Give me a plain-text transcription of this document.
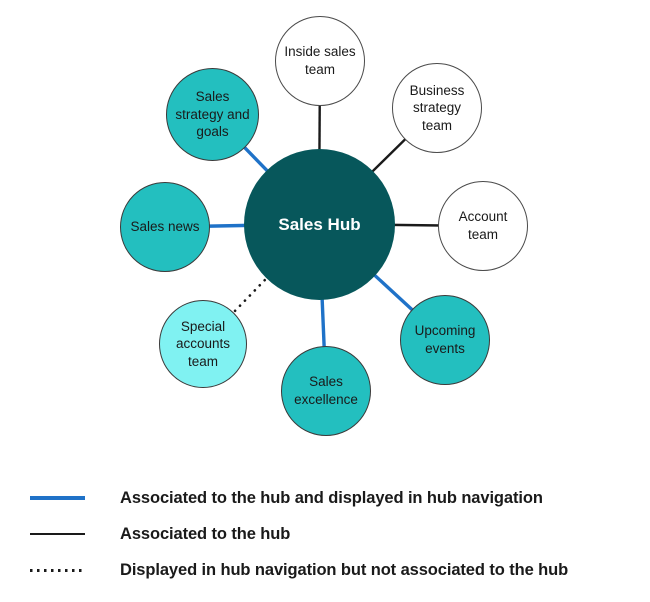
Inside sales team
Business strategy team
Account team
Upcoming events
Sales excellence
Special accounts team
Sales news
Sales strategy and goals
Sales Hub
Associated to the hub and displayed in hub navigation
Associated to the hub
Displayed in hub navigation but not associated to the hub
